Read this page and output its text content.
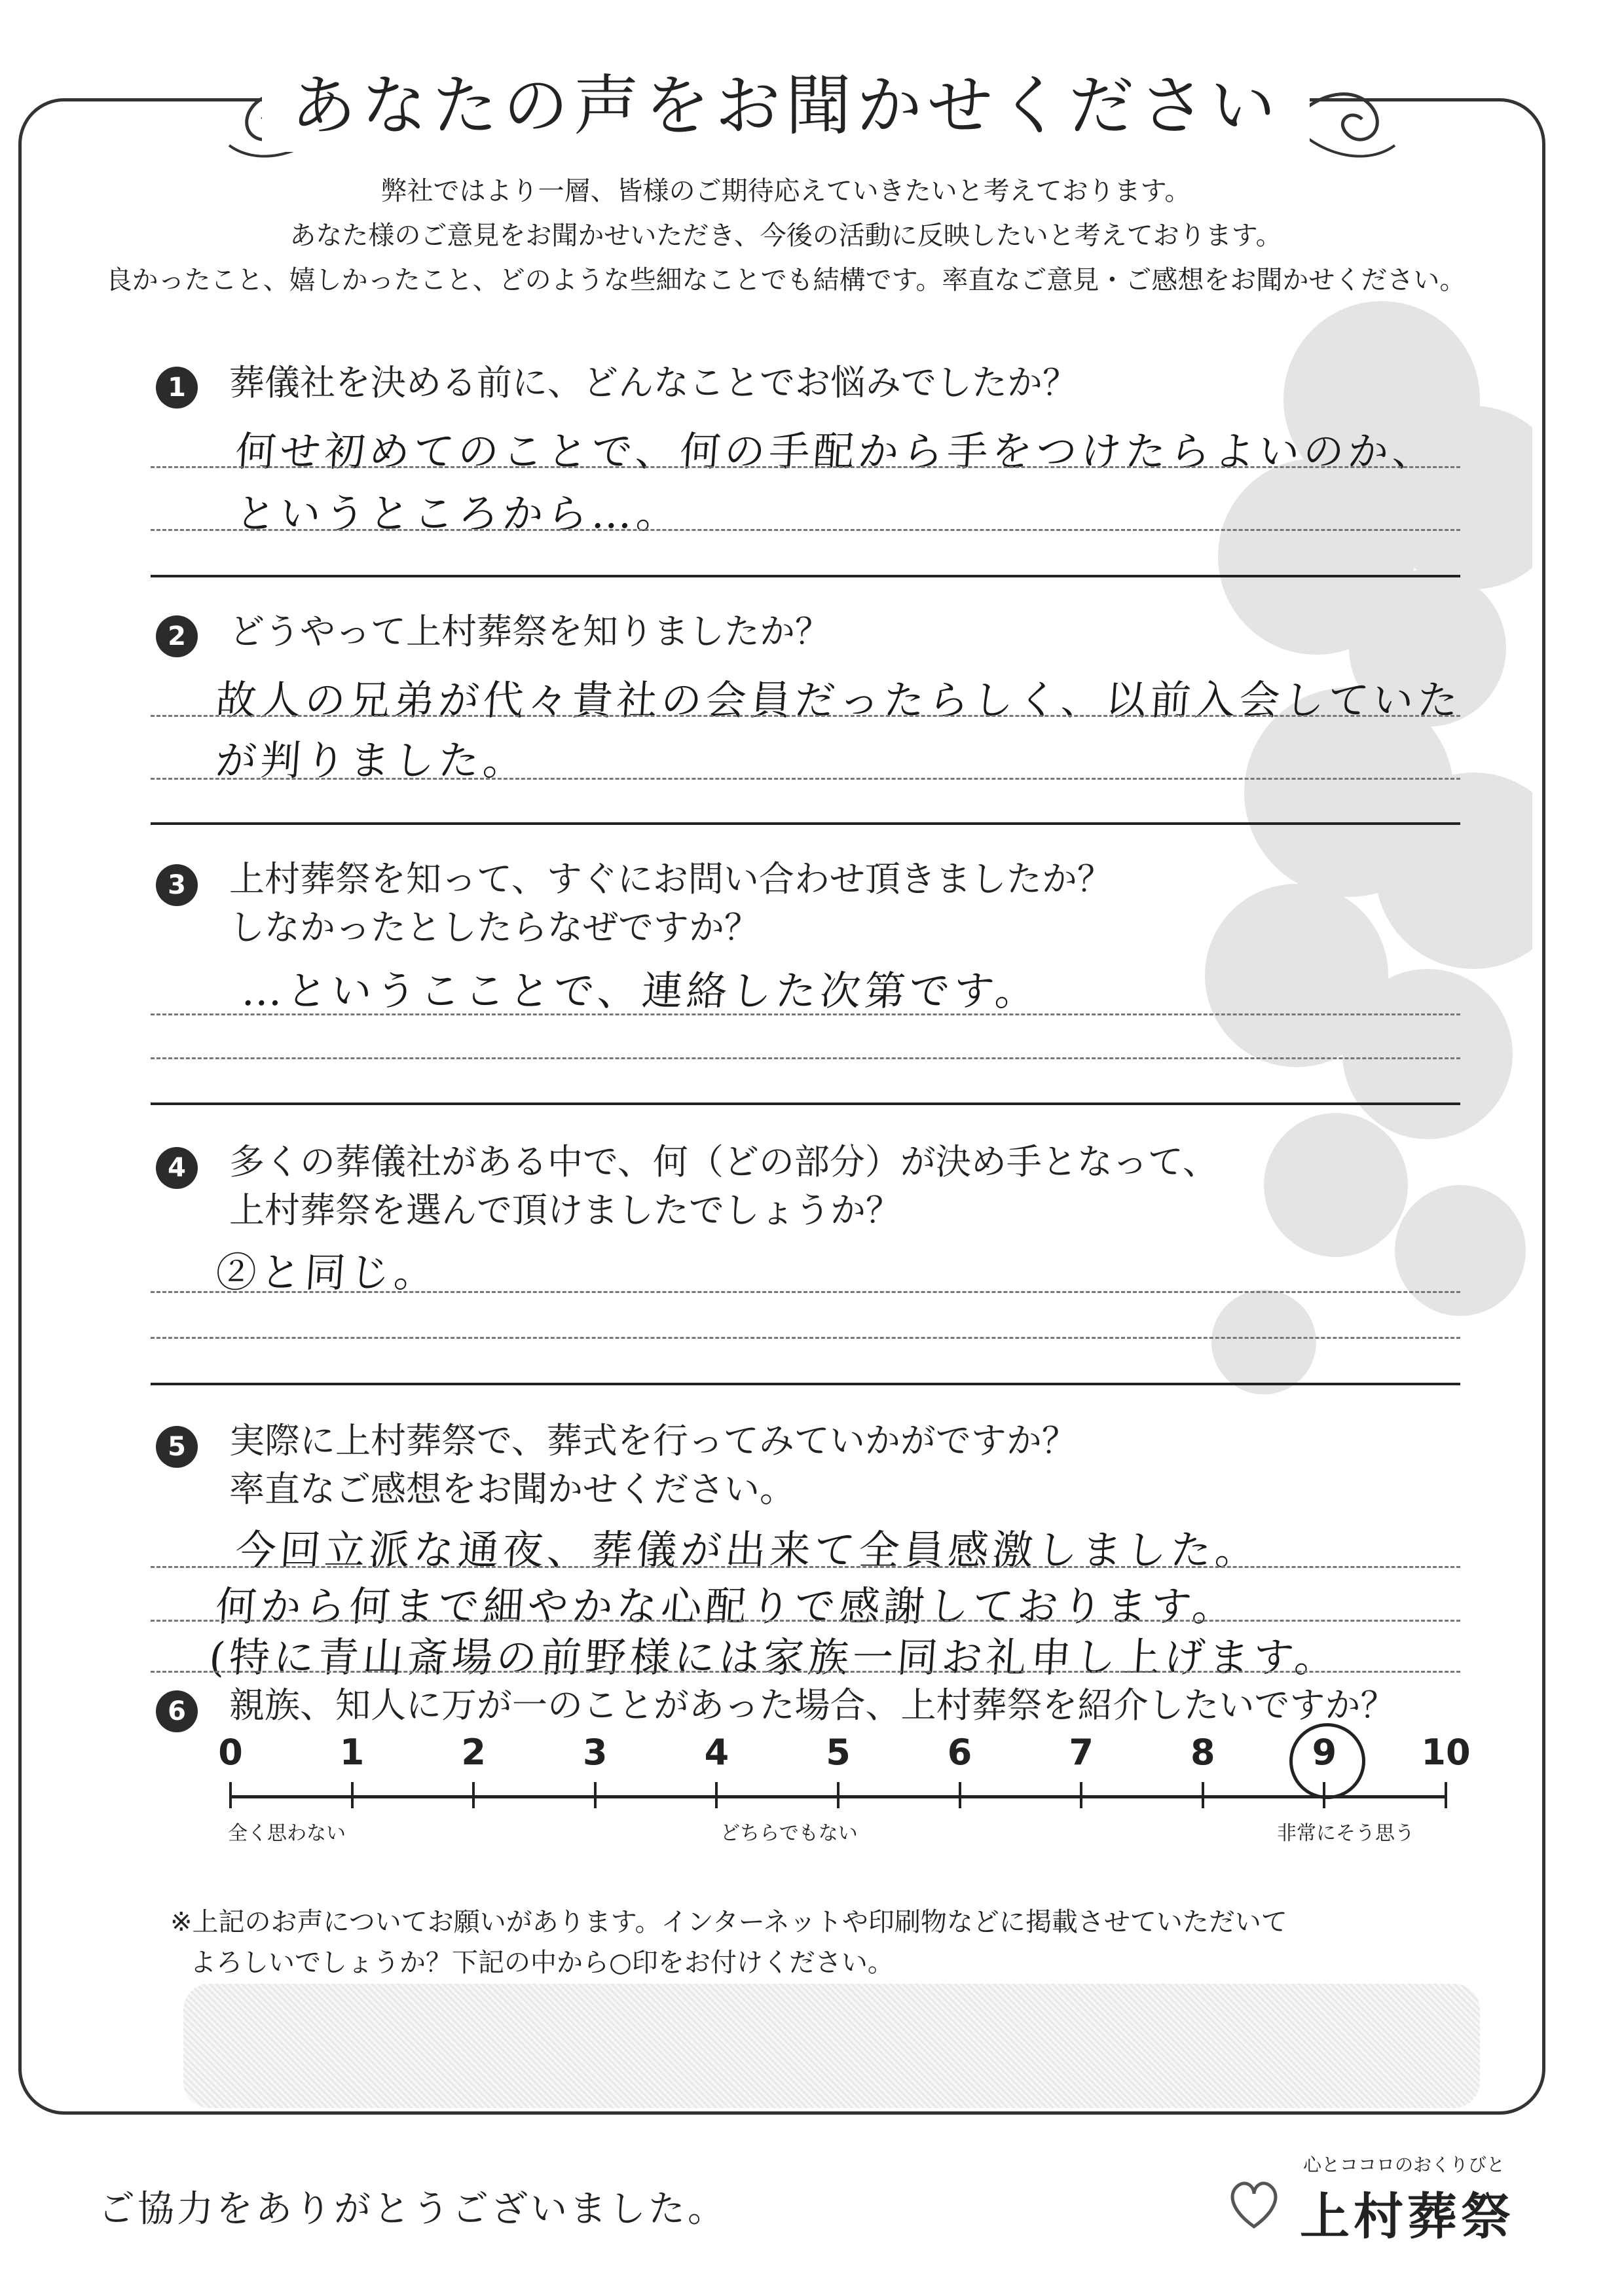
あなたの声をお聞かせください
弊社ではより一層、皆様のご期待応えていきたいと考えております。
あなた様のご意見をお聞かせいただき、今後の活動に反映したいと考えております。
良かったこと、嬉しかったこと、どのような些細なことでも結構です。率直なご意見・ご感想をお聞かせください。
1	葬儀社を決める前に、どんなことでお悩みでしたか？
何せ初めてのことで、何の手配から手をつけたらよいのか、
というところから…。
2	どうやって上村葬祭を知りましたか？
故人の兄弟が代々貴社の会員だったらしく、以前入会していた
が判りました。
3	上村葬祭を知って、すぐにお問い合わせ頂きましたか？
しなかったとしたらなぜですか？
…というこことで、連絡した次第です。
4	多くの葬儀社がある中で、何（どの部分）が決め手となって、
上村葬祭を選んで頂けましたでしょうか？
②と同じ。
5	実際に上村葬祭で、葬式を行ってみていかがですか？
率直なご感想をお聞かせください。
今回立派な通夜、葬儀が出来て全員感激しました。
何から何まで細やかな心配りで感謝しております。
(特に青山斎場の前野様には家族一同お礼申し上げます。
6	親族、知人に万が一のことがあった場合、上村葬祭を紹介したいですか？
0	1	2	3	4	5	6	7	8	9	10
全く思わない	どちらでもない	非常にそう思う
※上記のお声についてお願いがあります。インターネットや印刷物などに掲載させていただいて
よろしいでしょうか？下記の中から○印をお付けください。
ご協力をありがとうございました。
心とココロのおくりびと
上村葬祭
